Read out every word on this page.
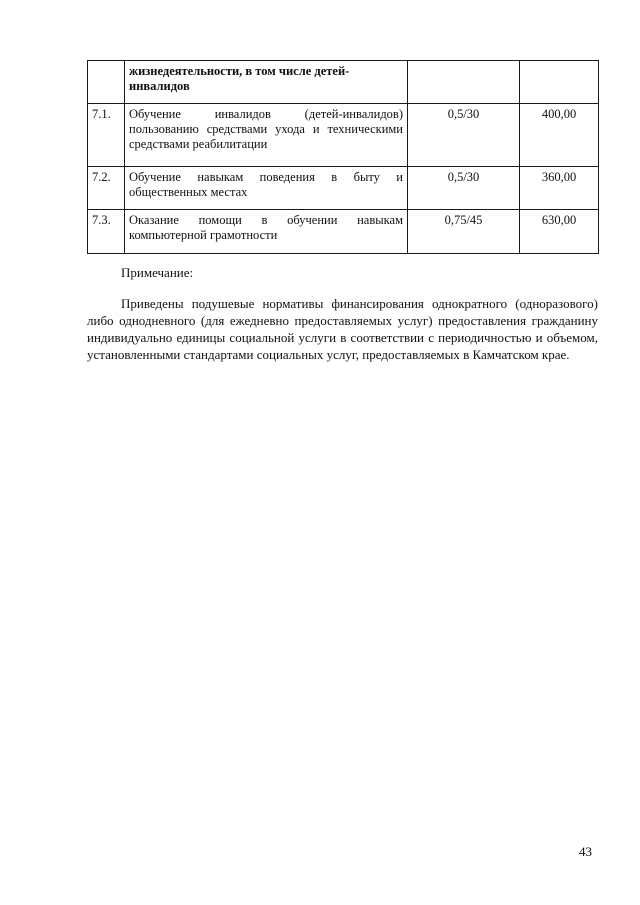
	жизнедеятельности, в том числе детей-инвалидов		
7.1.	Обучение инвалидов (детей-инвалидов)
пользованию средствами ухода и техническими
средствами реабилитации	0,5/30	400,00
7.2.	Обучение навыкам поведения в быту и
общественных местах	0,5/30	360,00
7.3.	Оказание помощи в обучении навыкам
компьютерной грамотности	0,75/45	630,00
Примечание:
Приведены подушевые нормативы финансирования однократного (одноразового) либо однодневного (для ежедневно предоставляемых услуг) предоставления гражданину индивидуально единицы социальной услуги в соответствии с периодичностью и объемом, установленными стандартами социальных услуг, предоставляемых в Камчатском крае.
43
